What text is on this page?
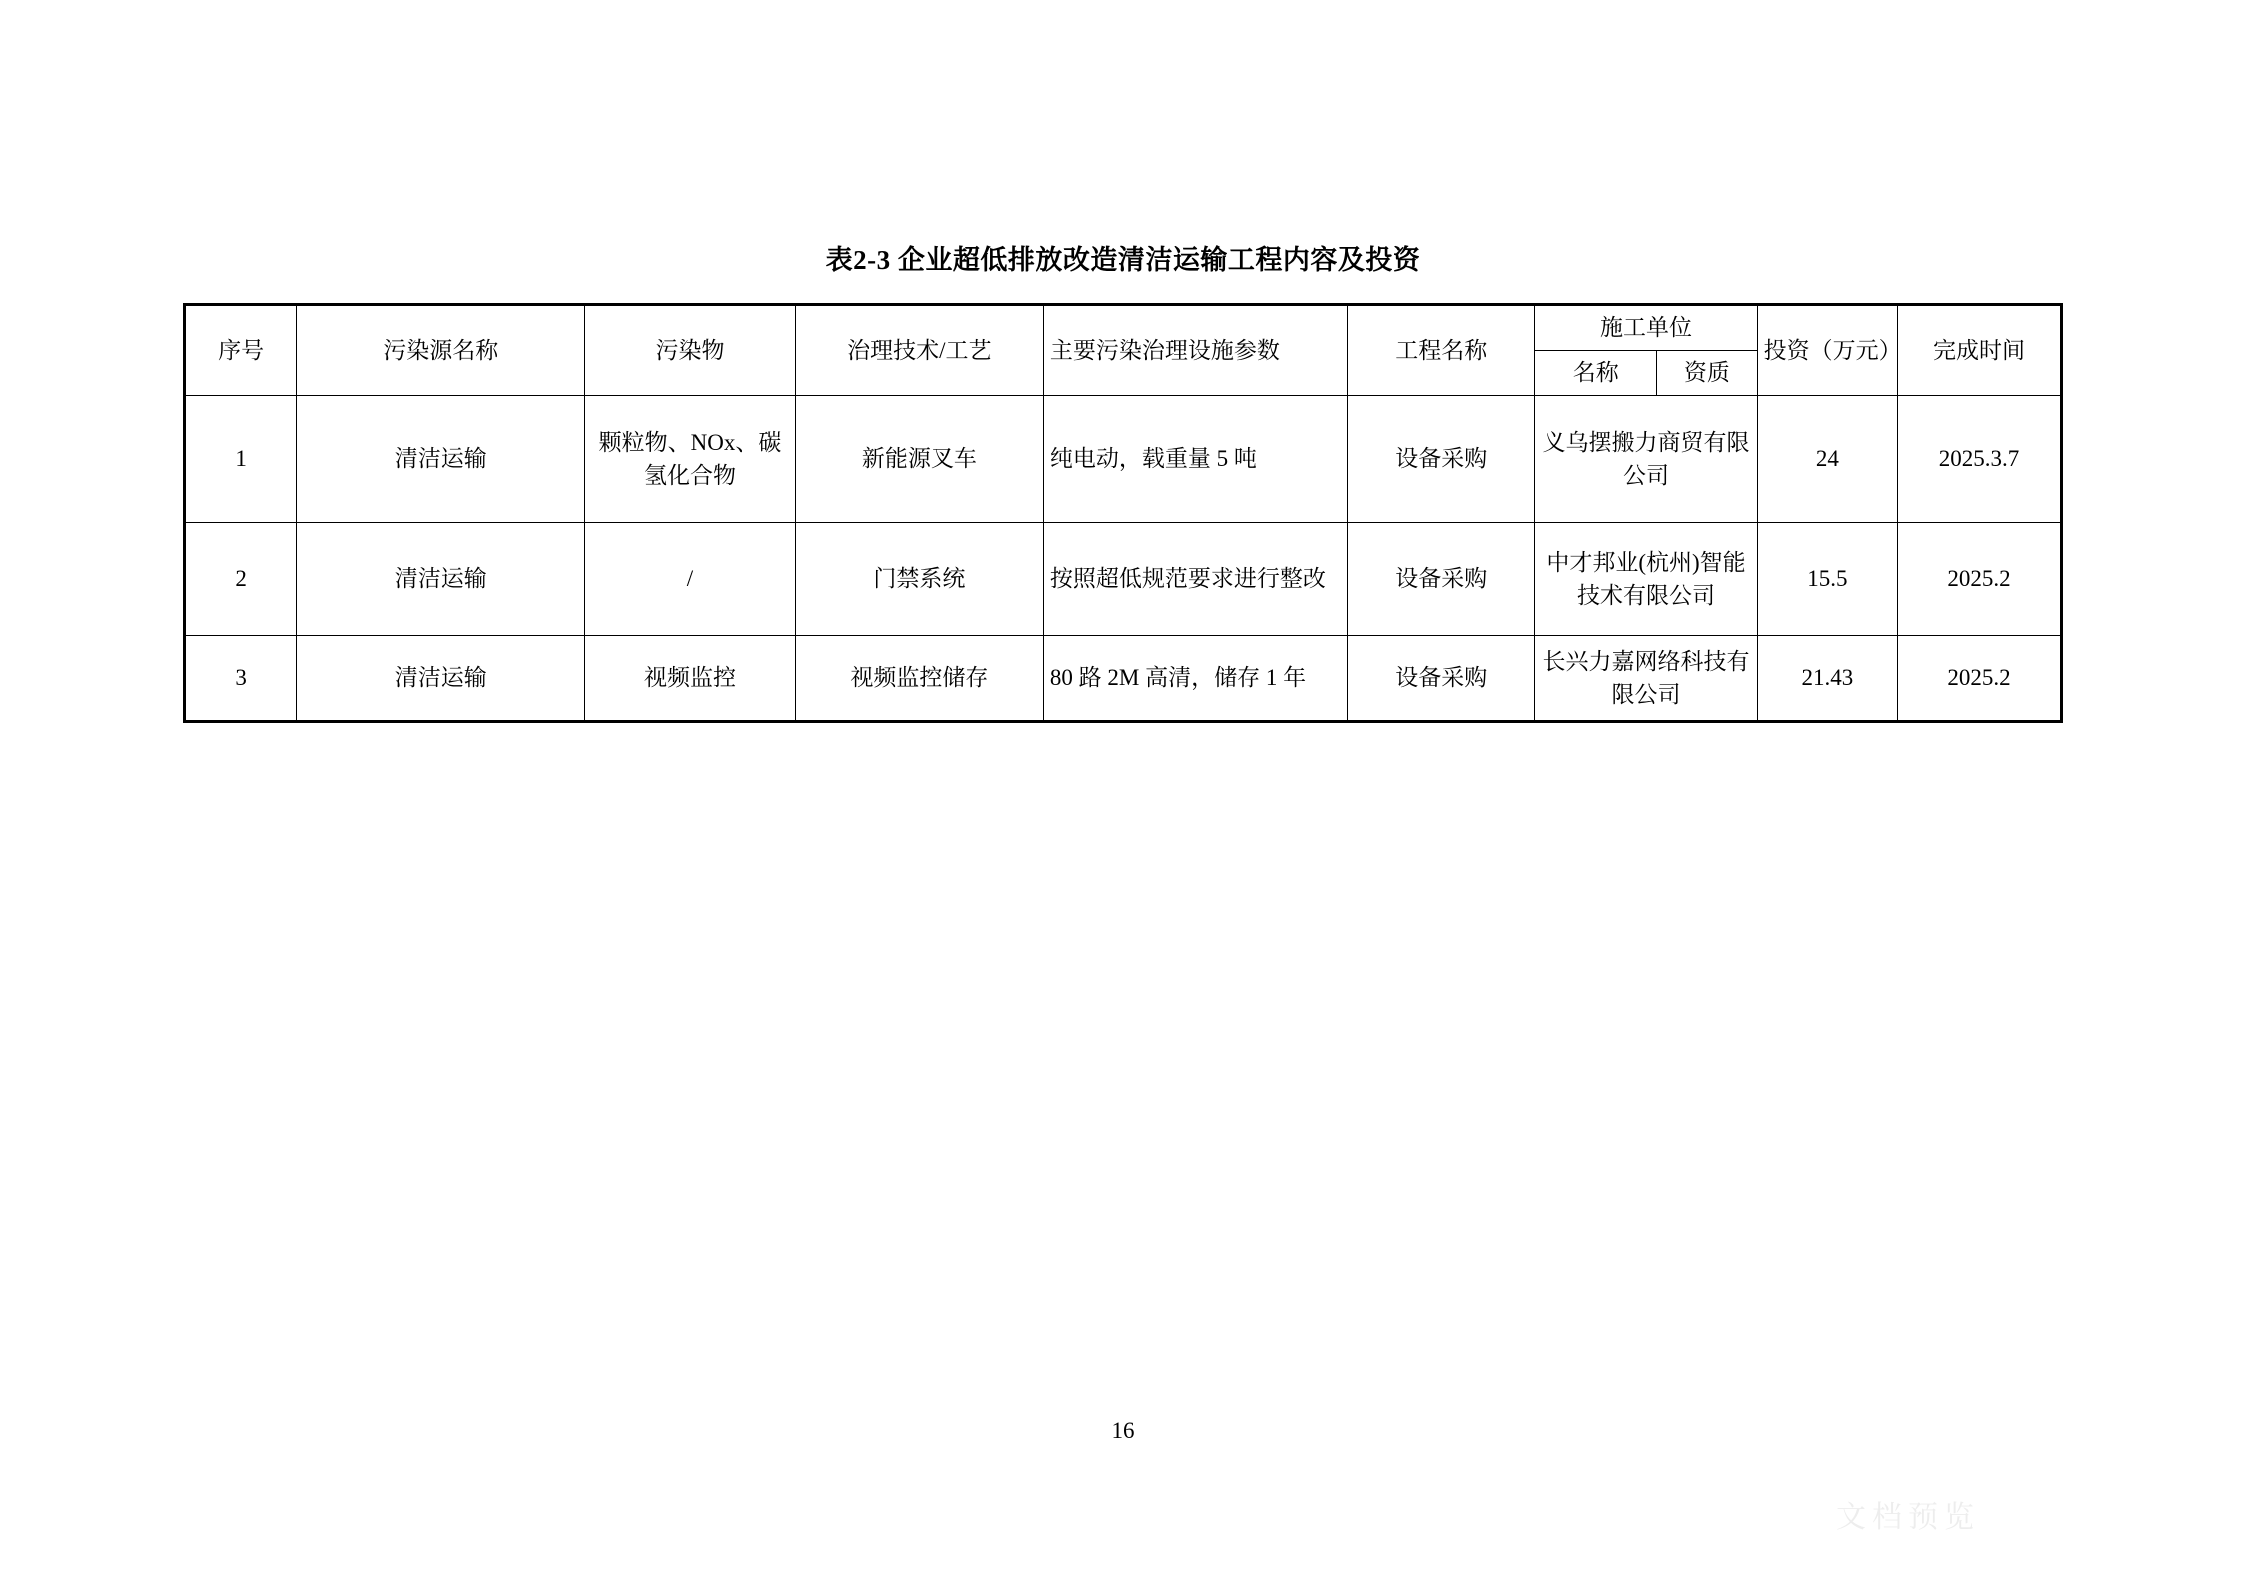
表2-3 企业超低排放改造清洁运输工程内容及投资
序号	污染源名称	污染物	治理技术/工艺	主要污染治理设施参数	工程名称	施工单位		投资（万元）	完成时间
						名称	资质		
1	清洁运输	颗粒物、NOx、碳氢化合物	新能源叉车	纯电动，载重量 5 吨	设备采购	义乌摆搬力商贸有限公司		24	2025.3.7
2	清洁运输	/	门禁系统	按照超低规范要求进行整改	设备采购	中才邦业(杭州)智能技术有限公司		15.5	2025.2
3	清洁运输	视频监控	视频监控储存	80 路 2M 高清，储存 1 年	设备采购	长兴力嘉网络科技有限公司		21.43	2025.2
16
文档预览
